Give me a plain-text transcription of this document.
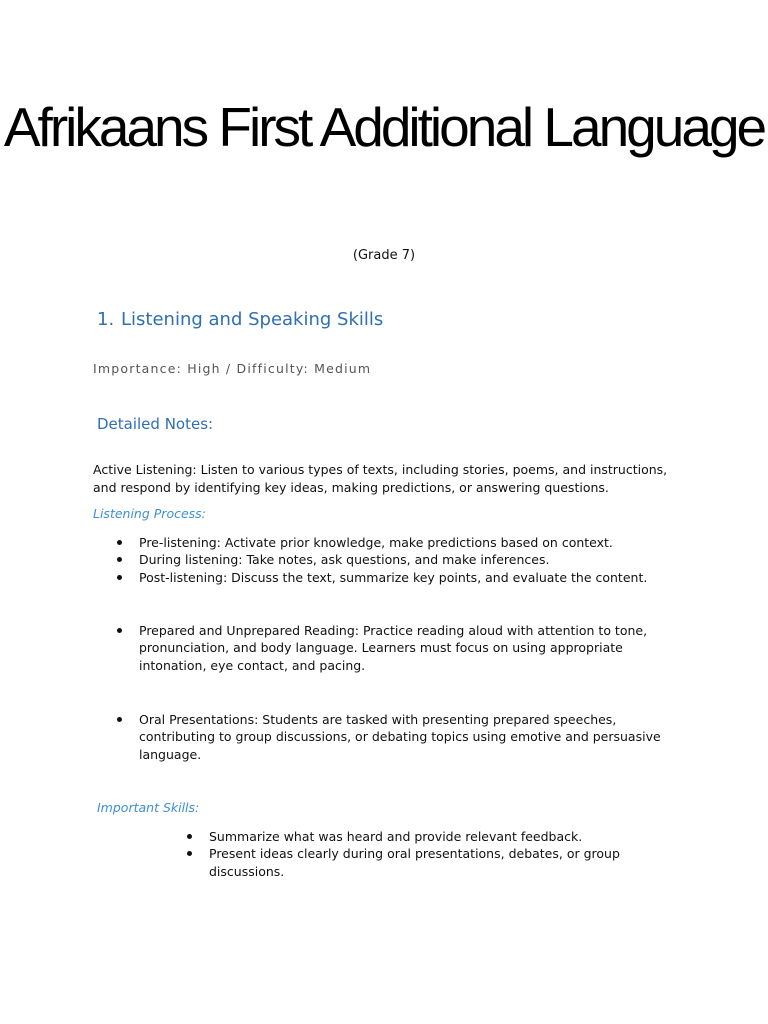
Afrikaans First Additional Language
(Grade 7)
1. Listening and Speaking Skills
Importance: High / Difficulty: Medium
Detailed Notes:

Active Listening: Listen to various types of texts, including stories, poems, and instructions, and respond by identifying key ideas, making predictions, or answering questions.

Listening Process:
Pre-listening: Activate prior knowledge, make predictions based on context.
During listening: Take notes, ask questions, and make inferences.
Post-listening: Discuss the text, summarize key points, and evaluate the content.
Prepared and Unprepared Reading: Practice reading aloud with attention to tone, pronunciation, and body language. Learners must focus on using appropriate intonation, eye contact, and pacing.
Oral Presentations: Students are tasked with presenting prepared speeches, contributing to group discussions, or debating topics using emotive and persuasive language.
Important Skills:
Summarize what was heard and provide relevant feedback.
Present ideas clearly during oral presentations, debates, or group discussions.
